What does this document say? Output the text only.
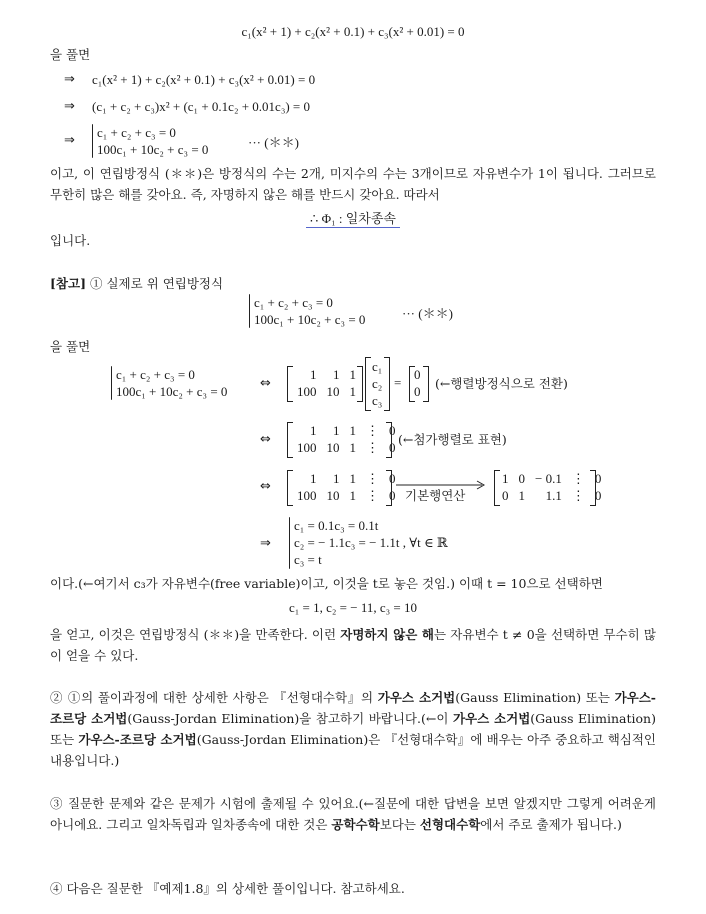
c₁(x² + 1) + c₂(x² + 0.1) + c₃(x² + 0.01) = 0
을 풀면
⇒ c₁(x² + 1) + c₂(x² + 0.1) + c₃(x² + 0.01) = 0
⇒ (c₁ + c₂ + c₃)x² + (c₁ + 0.1c₂ + 0.01c₃) = 0
⇒
c₁ + c₂ + c₃ = 0
100c₁ + 10c₂ + c₃ = 0	··· (＊＊)
이고, 이 연립방정식 (＊＊)은 방정식의 수는 2개, 미지수의 수는 3개이므로 자유변수가 1이 됩니다. 그러므로 무한히 많은 해를 갖아요. 즉, 자명하지 않은 해를 반드시 갖아요. 따라서
∴ Φ₁ : 일차종속
입니다.
[참고] ① 실제로 위 연립방정식
c₁ + c₂ + c₃ = 0
100c₁ + 10c₂ + c₃ = 0	··· (＊＊)
을 풀면
c₁ + c₂ + c₃ = 0
100c₁ + 10c₂ + c₃ = 0
⇔
1	1	1
100	10	1
c₁
c₂
c₃
=
0
0 (←행렬방정식으로 전환)
⇔
1	1	1	⋮	0
100	10	1	⋮	0 (←첨가행렬로 표현)
⇔
1	1	1	⋮	0
100	10	1	⋮	0 기본행연산
1	0	− 0.1	⋮	0
0	1	1.1	⋮	0
⇒
c₁ = 0.1c₃ = 0.1t
c₂ = − 1.1c₃ = − 1.1t , ∀t ∈ ℝ
c₃ = t
이다.(←여기서 c₃가 자유변수(free variable)이고, 이것을 t로 놓은 것임.) 이때 t = 10으로 선택하면
c₁ = 1, c₂ = − 11, c₃ = 10
을 얻고, 이것은 연립방정식 (＊＊)을 만족한다. 이런 자명하지 않은 해는 자유변수 t ≠ 0을 선택하면 무수히 많이 얻을 수 있다.
② ①의 풀이과정에 대한 상세한 사항은 『선형대수학』의 가우스 소거법(Gauss Elimination) 또는 가우스-조르당 소거법(Gauss-Jordan Elimination)을 참고하기 바랍니다.(←이 가우스 소거법(Gauss Elimination) 또는 가우스-조르당 소거법(Gauss-Jordan Elimination)은 『선형대수학』에 배우는 아주 중요하고 핵심적인 내용입니다.)
③ 질문한 문제와 같은 문제가 시험에 출제될 수 있어요.(←질문에 대한 답변을 보면 알겠지만 그렇게 어려운게 아니에요. 그리고 일차독립과 일차종속에 대한 것은 공학수학보다는 선형대수학에서 주로 출제가 됩니다.)
④ 다음은 질문한 『예제1.8』의 상세한 풀이입니다. 참고하세요.
